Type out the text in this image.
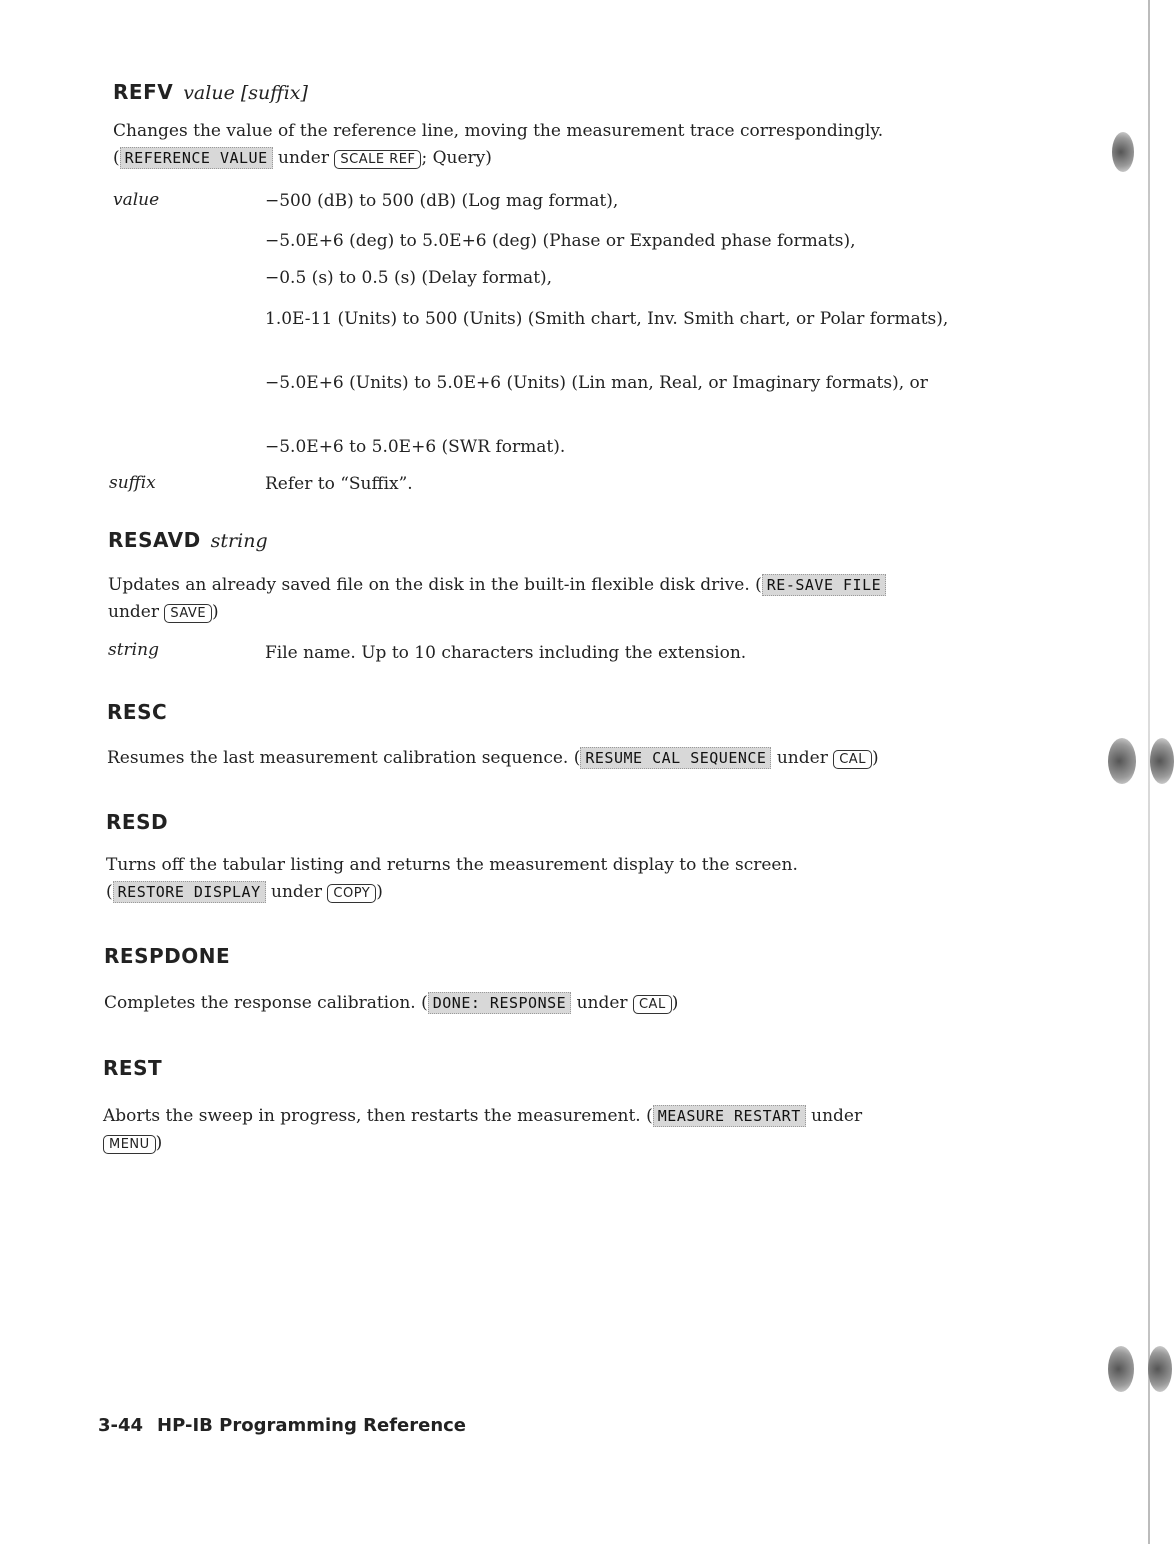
REFV value [suffix]

Changes the value of the reference line, moving the measurement trace correspondingly.
( REFERENCE VALUE under SCALE REF ; Query)

value	−500 (dB) to 500 (dB) (Log mag format),
−5.0E+6 (deg) to 5.0E+6 (deg) (Phase or Expanded phase formats),
−0.5 (s) to 0.5 (s) (Delay format),
1.0E-11 (Units) to 500 (Units) (Smith chart, Inv. Smith chart, or Polar formats),
−5.0E+6 (Units) to 5.0E+6 (Units) (Lin man, Real, or Imaginary formats), or
−5.0E+6 to 5.0E+6 (SWR format).
suffix	Refer to “Suffix”.
RESAVD string

Updates an already saved file on the disk in the built-in flexible disk drive. ( RE-SAVE FILE
under SAVE )

string	File name. Up to 10 characters including the extension.
RESC

Resumes the last measurement calibration sequence. ( RESUME CAL SEQUENCE under CAL )

RESD

Turns off the tabular listing and returns the measurement display to the screen.
( RESTORE DISPLAY under COPY )

RESPDONE

Completes the response calibration. ( DONE: RESPONSE under CAL )

REST

Aborts the sweep in progress, then restarts the measurement. ( MEASURE RESTART under
MENU )

3-44 HP-IB Programming Reference
